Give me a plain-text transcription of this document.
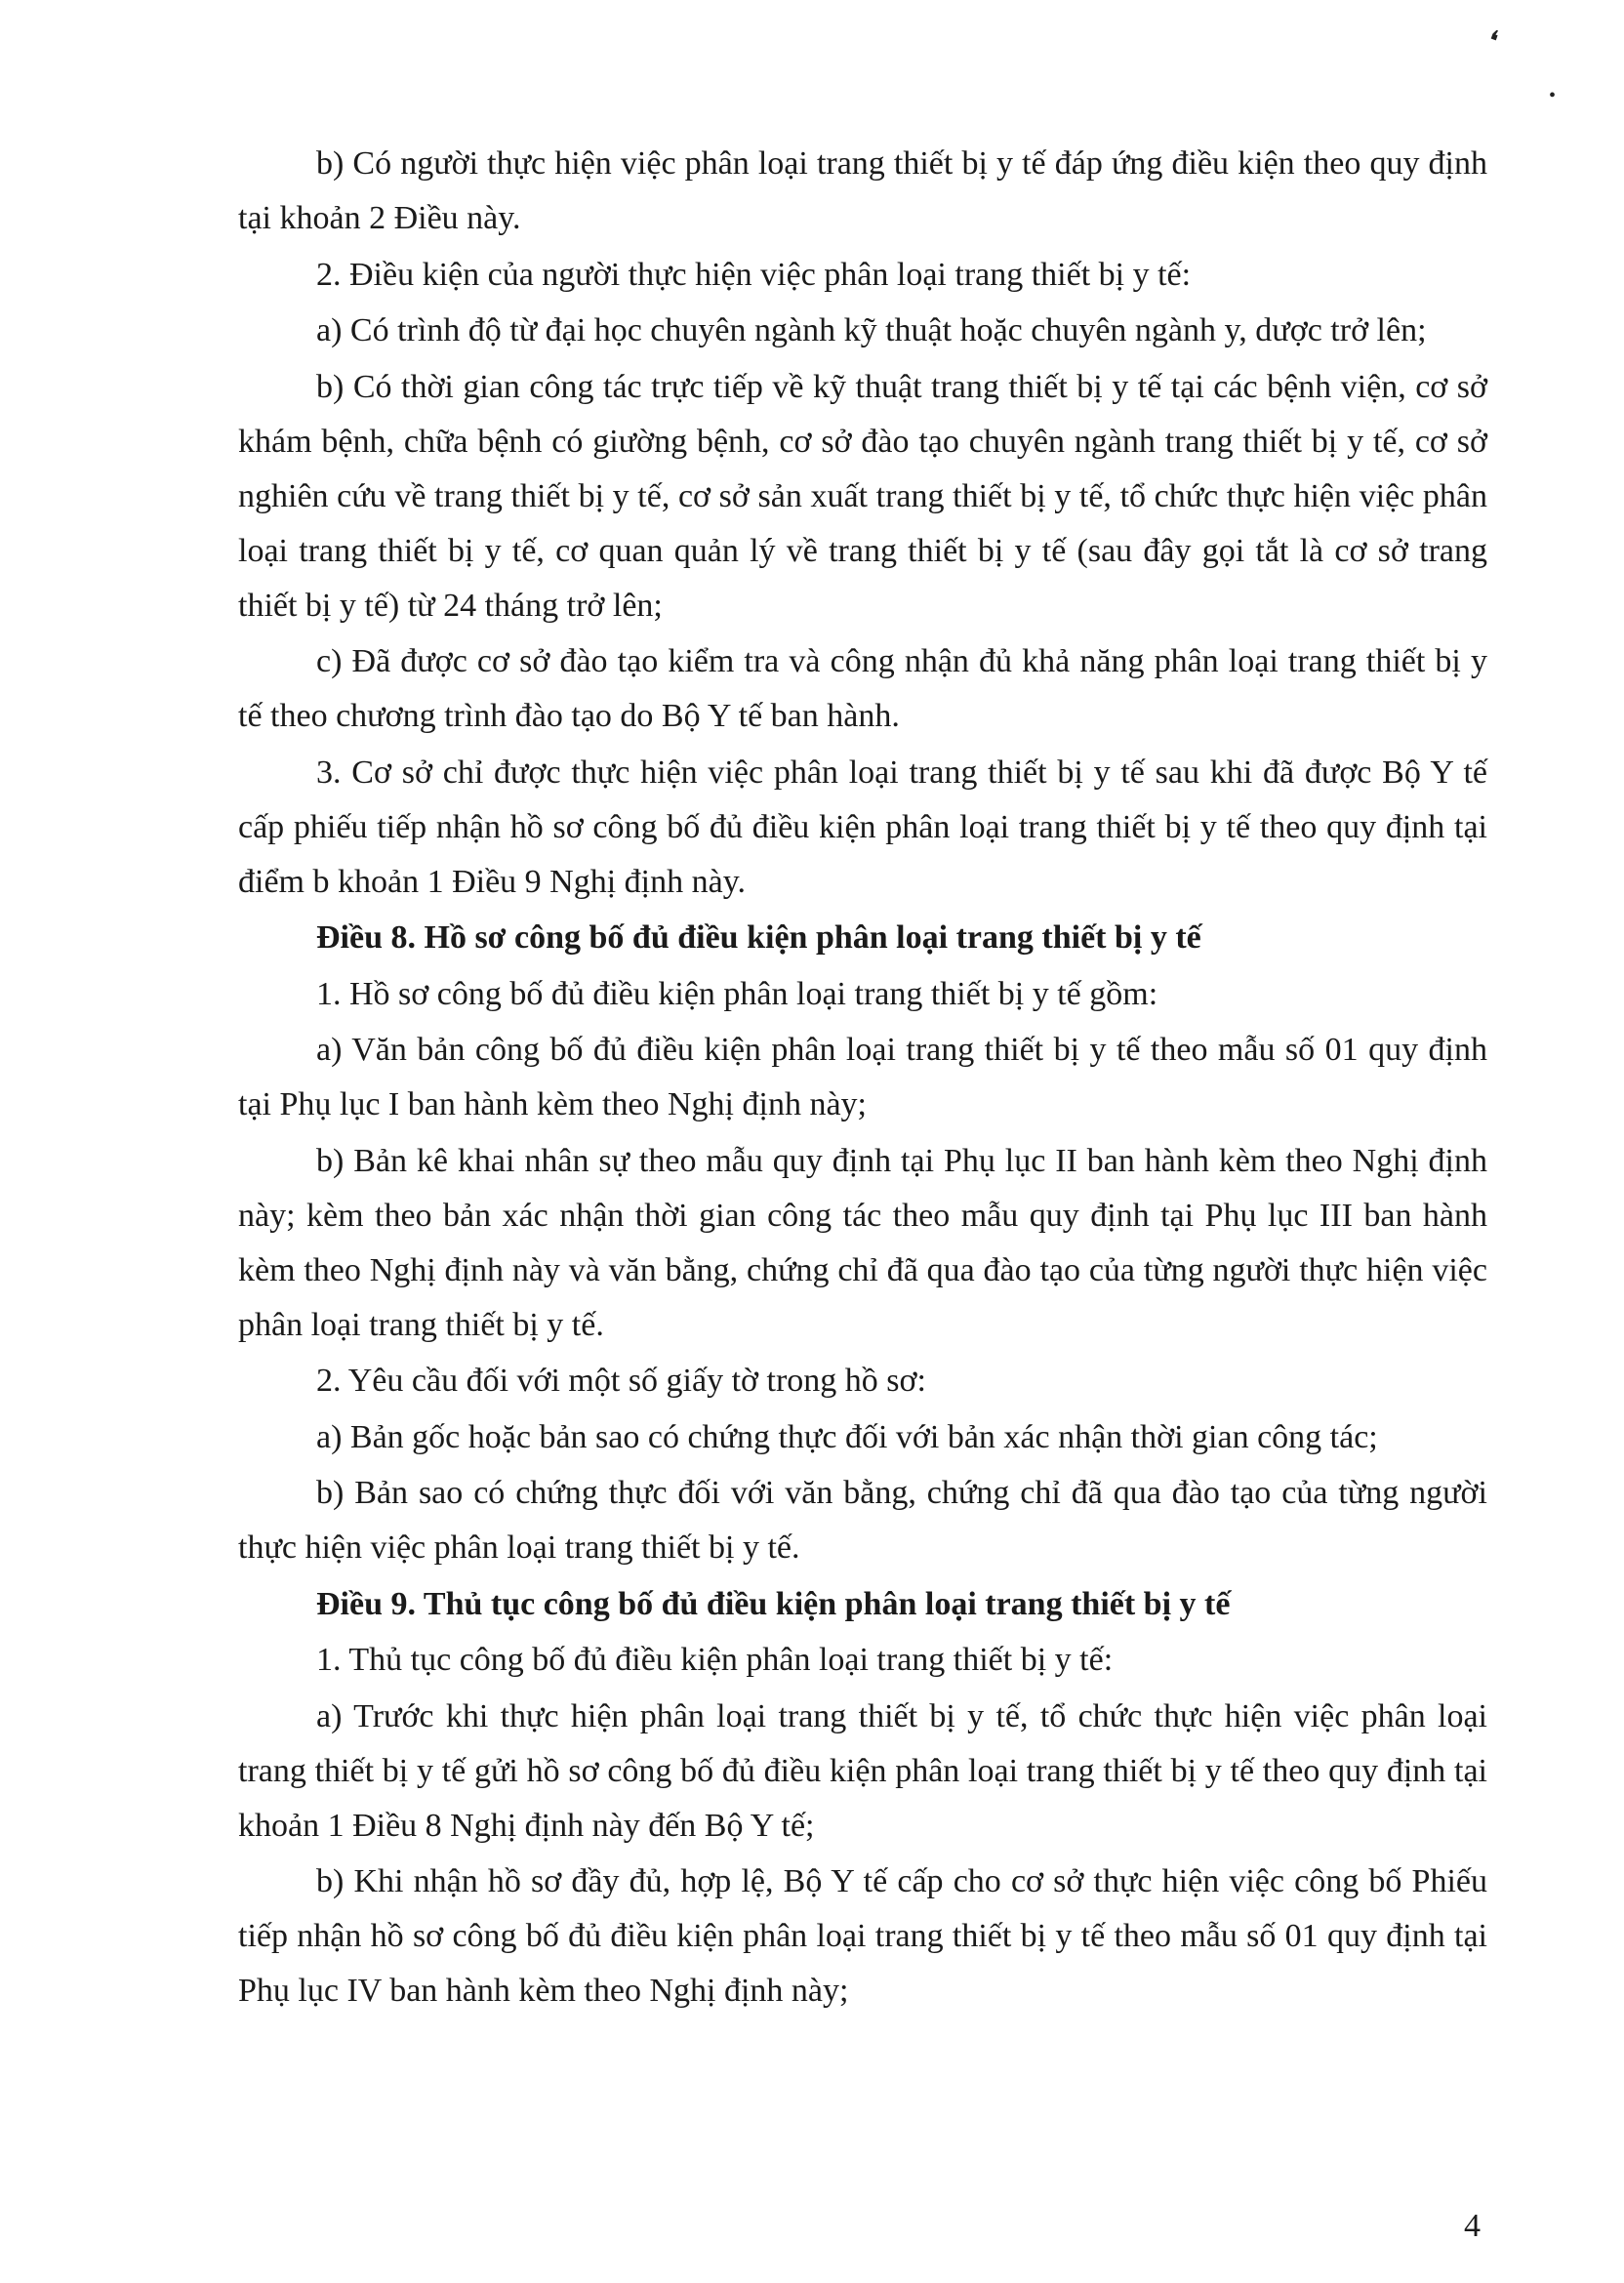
❛
•

b) Có người thực hiện việc phân loại trang thiết bị y tế đáp ứng điều kiện theo quy định tại khoản 2 Điều này.

2. Điều kiện của người thực hiện việc phân loại trang thiết bị y tế:

a) Có trình độ từ đại học chuyên ngành kỹ thuật hoặc chuyên ngành y, dược trở lên;

b) Có thời gian công tác trực tiếp về kỹ thuật trang thiết bị y tế tại các bệnh viện, cơ sở khám bệnh, chữa bệnh có giường bệnh, cơ sở đào tạo chuyên ngành trang thiết bị y tế, cơ sở nghiên cứu về trang thiết bị y tế, cơ sở sản xuất trang thiết bị y tế, tổ chức thực hiện việc phân loại trang thiết bị y tế, cơ quan quản lý về trang thiết bị y tế (sau đây gọi tắt là cơ sở trang thiết bị y tế) từ 24 tháng trở lên;

c) Đã được cơ sở đào tạo kiểm tra và công nhận đủ khả năng phân loại trang thiết bị y tế theo chương trình đào tạo do Bộ Y tế ban hành.

3. Cơ sở chỉ được thực hiện việc phân loại trang thiết bị y tế sau khi đã được Bộ Y tế cấp phiếu tiếp nhận hồ sơ công bố đủ điều kiện phân loại trang thiết bị y tế theo quy định tại điểm b khoản 1 Điều 9 Nghị định này.

Điều 8. Hồ sơ công bố đủ điều kiện phân loại trang thiết bị y tế

1. Hồ sơ công bố đủ điều kiện phân loại trang thiết bị y tế gồm:

a) Văn bản công bố đủ điều kiện phân loại trang thiết bị y tế theo mẫu số 01 quy định tại Phụ lục I ban hành kèm theo Nghị định này;

b) Bản kê khai nhân sự theo mẫu quy định tại Phụ lục II ban hành kèm theo Nghị định này; kèm theo bản xác nhận thời gian công tác theo mẫu quy định tại Phụ lục III ban hành kèm theo Nghị định này và văn bằng, chứng chỉ đã qua đào tạo của từng người thực hiện việc phân loại trang thiết bị y tế.

2. Yêu cầu đối với một số giấy tờ trong hồ sơ:

a) Bản gốc hoặc bản sao có chứng thực đối với bản xác nhận thời gian công tác;

b) Bản sao có chứng thực đối với văn bằng, chứng chỉ đã qua đào tạo của từng người thực hiện việc phân loại trang thiết bị y tế.

Điều 9. Thủ tục công bố đủ điều kiện phân loại trang thiết bị y tế

1. Thủ tục công bố đủ điều kiện phân loại trang thiết bị y tế:

a) Trước khi thực hiện phân loại trang thiết bị y tế, tổ chức thực hiện việc phân loại trang thiết bị y tế gửi hồ sơ công bố đủ điều kiện phân loại trang thiết bị y tế theo quy định tại khoản 1 Điều 8 Nghị định này đến Bộ Y tế;

b) Khi nhận hồ sơ đầy đủ, hợp lệ, Bộ Y tế cấp cho cơ sở thực hiện việc công bố Phiếu tiếp nhận hồ sơ công bố đủ điều kiện phân loại trang thiết bị y tế theo mẫu số 01 quy định tại Phụ lục IV ban hành kèm theo Nghị định này;

4
